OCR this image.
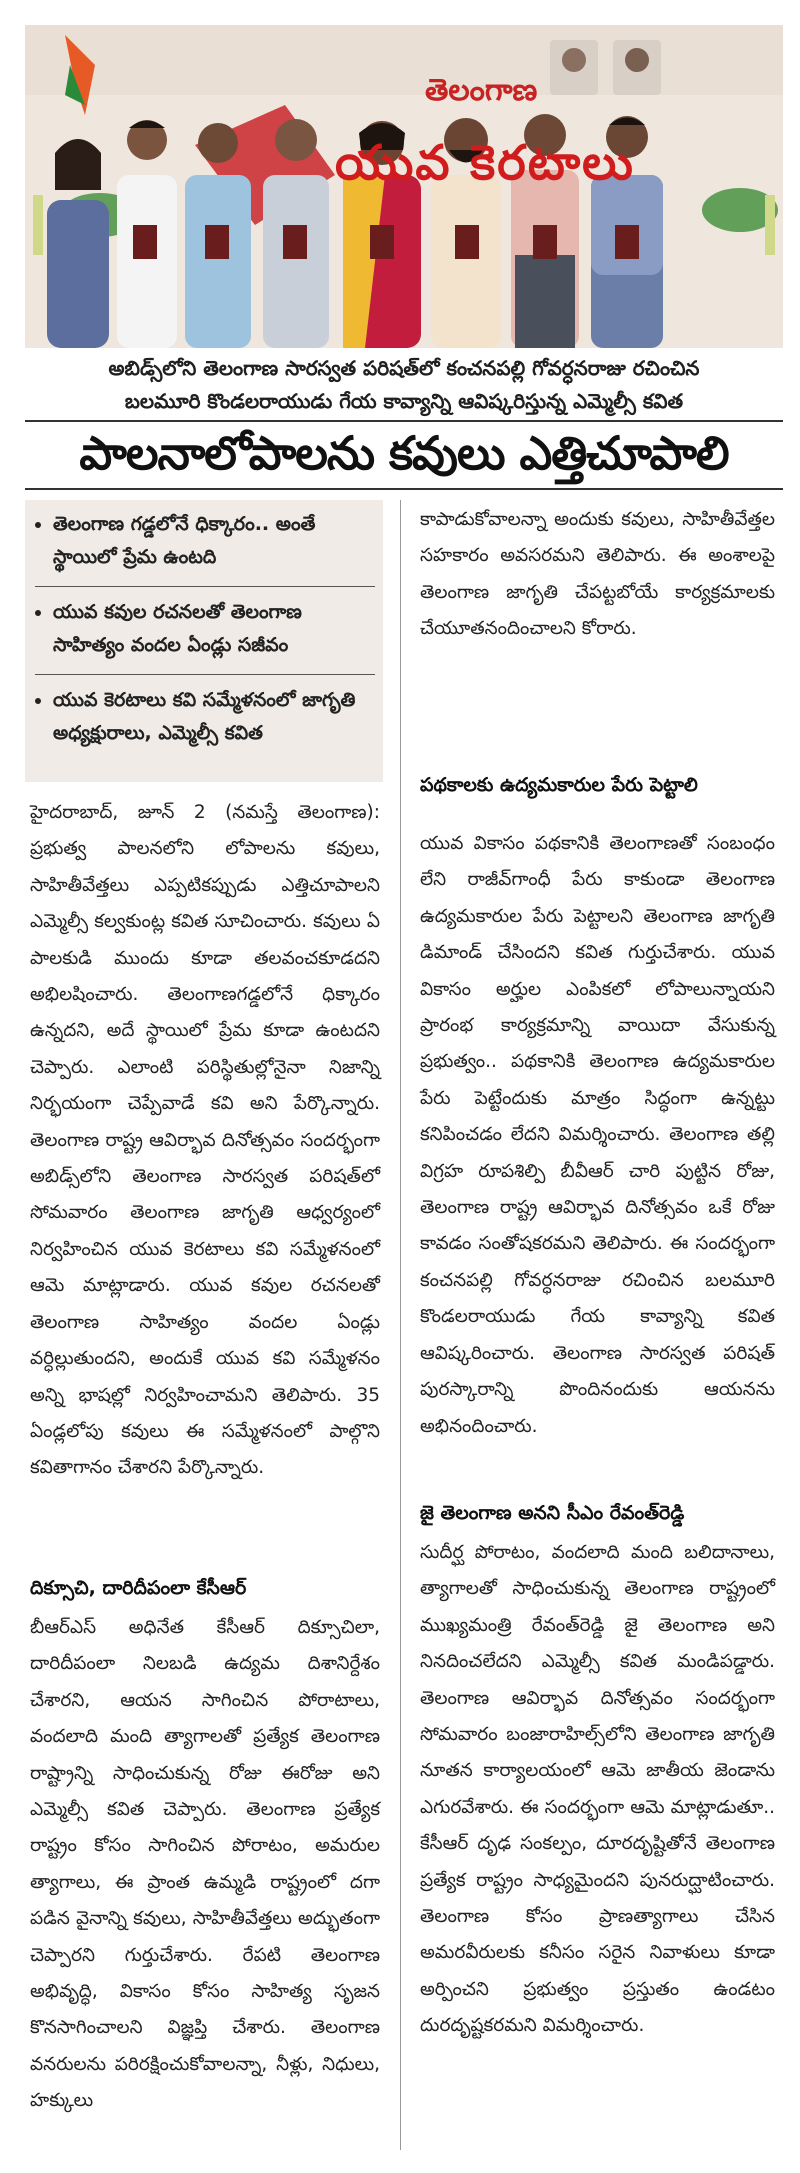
తెలంగాణ
యువ కెరటాలు
అబిడ్స్‌లోని తెలంగాణ సారస్వత పరిషత్‌లో కంచనపల్లి గోవర్ధనరాజు రచించిన
బలమూరి కొండలరాయుడు గేయ కావ్యాన్ని ఆవిష్కరిస్తున్న ఎమ్మెల్సీ కవిత
పాలనాలోపాలను కవులు ఎత్తిచూపాలి
తెలంగాణ గడ్డలోనే ధిక్కారం.. అంతే స్థాయిలో ప్రేమ ఉంటది
యువ కవుల రచనలతో తెలంగాణ సాహిత్యం వందల ఏండ్లు సజీవం
యువ కెరటాలు కవి సమ్మేళనంలో జాగృతి అధ్యక్షురాలు, ఎమ్మెల్సీ కవిత
హైదరాబాద్, జూన్ 2 (నమస్తే తెలంగాణ): ప్రభుత్వ పాలనలోని లోపాలను కవులు, సాహితీవేత్తలు ఎప్పటికప్పుడు ఎత్తిచూపాలని ఎమ్మెల్సీ కల్వకుంట్ల కవిత సూచించారు. కవులు ఏ పాలకుడి ముందు కూడా తలవంచకూడదని అభిలషించారు. తెలంగాణగడ్డలోనే ధిక్కారం ఉన్నదని, అదే స్థాయిలో ప్రేమ కూడా ఉంటదని చెప్పారు. ఎలాంటి పరిస్థితుల్లోనైనా నిజాన్ని నిర్భయంగా చెప్పేవాడే కవి అని పేర్కొన్నారు. తెలంగాణ రాష్ట్ర ఆవిర్భావ దినోత్సవం సందర్భంగా అబిడ్స్‌లోని తెలంగాణ సారస్వత పరిషత్‌లో సోమవారం తెలంగాణ జాగృతి ఆధ్వర్యంలో నిర్వహించిన యువ కెరటాలు కవి సమ్మేళనంలో ఆమె మాట్లాడారు. యువ కవుల రచనలతో తెలంగాణ సాహిత్యం వందల ఏండ్లు వర్ధిల్లుతుందని, అందుకే యువ కవి సమ్మేళనం అన్ని భాషల్లో నిర్వహించామని తెలిపారు. 35 ఏండ్లలోపు కవులు ఈ సమ్మేళనంలో పాల్గొని కవితాగానం చేశారని పేర్కొన్నారు.
దిక్సూచి, దారిదీపంలా కేసీఆర్
బీఆర్‌ఎస్ అధినేత కేసీఆర్ దిక్సూచిలా, దారిదీపంలా నిలబడి ఉద్యమ దిశానిర్దేశం చేశారని, ఆయన సాగించిన పోరాటాలు, వందలాది మంది త్యాగాలతో ప్రత్యేక తెలంగాణ రాష్ట్రాన్ని సాధించుకున్న రోజు ఈరోజు అని ఎమ్మెల్సీ కవిత చెప్పారు. తెలంగాణ ప్రత్యేక రాష్ట్రం కోసం సాగించిన పోరాటం, అమరుల త్యాగాలు, ఈ ప్రాంత ఉమ్మడి రాష్ట్రంలో దగా పడిన వైనాన్ని కవులు, సాహితీవేత్తలు అద్భుతంగా చెప్పారని గుర్తుచేశారు. రేపటి తెలంగాణ అభివృద్ధి, వికాసం కోసం సాహిత్య సృజన కొనసాగించాలని విజ్ఞప్తి చేశారు. తెలంగాణ వనరులను పరిరక్షించుకోవాలన్నా, నీళ్లు, నిధులు, హక్కులు
కాపాడుకోవాలన్నా అందుకు కవులు, సాహితీవేత్తల సహకారం అవసరమని తెలిపారు. ఈ అంశాలపై తెలంగాణ జాగృతి చేపట్టబోయే కార్యక్రమాలకు చేయూతనందించాలని కోరారు.
పథకాలకు ఉద్యమకారుల పేరు పెట్టాలి
యువ వికాసం పథకానికి తెలంగాణతో సంబంధం లేని రాజీవ్‌గాంధీ పేరు కాకుండా తెలంగాణ ఉద్యమకారుల పేరు పెట్టాలని తెలంగాణ జాగృతి డిమాండ్ చేసిందని కవిత గుర్తుచేశారు. యువ వికాసం అర్హుల ఎంపికలో లోపాలున్నాయని ప్రారంభ కార్యక్రమాన్ని వాయిదా వేసుకున్న ప్రభుత్వం.. పథకానికి తెలంగాణ ఉద్యమకారుల పేరు పెట్టేందుకు మాత్రం సిద్ధంగా ఉన్నట్టు కనిపించడం లేదని విమర్శించారు. తెలంగాణ తల్లి విగ్రహ రూపశిల్పి బీవీఆర్ చారి పుట్టిన రోజు, తెలంగాణ రాష్ట్ర ఆవిర్భావ దినోత్సవం ఒకే రోజు కావడం సంతోషకరమని తెలిపారు. ఈ సందర్భంగా కంచనపల్లి గోవర్ధనరాజు రచించిన బలమూరి కొండలరాయుడు గేయ కావ్యాన్ని కవిత ఆవిష్కరించారు. తెలంగాణ సారస్వత పరిషత్ పురస్కారాన్ని పొందినందుకు ఆయనను అభినందించారు.
జై తెలంగాణ అనని సీఎం రేవంత్‌రెడ్డి
సుదీర్ఘ పోరాటం, వందలాది మంది బలిదానాలు, త్యాగాలతో సాధించుకున్న తెలంగాణ రాష్ట్రంలో ముఖ్యమంత్రి రేవంత్‌రెడ్డి జై తెలంగాణ అని నినదించలేదని ఎమ్మెల్సీ కవిత మండిపడ్డారు. తెలంగాణ ఆవిర్భావ దినోత్సవం సందర్భంగా సోమవారం బంజారాహిల్స్‌లోని తెలంగాణ జాగృతి నూతన కార్యాలయంలో ఆమె జాతీయ జెండాను ఎగురవేశారు. ఈ సందర్భంగా ఆమె మాట్లాడుతూ.. కేసీఆర్ దృఢ సంకల్పం, దూరదృష్టితోనే తెలంగాణ ప్రత్యేక రాష్ట్రం సాధ్యమైందని పునరుద్ఘాటించారు. తెలంగాణ కోసం ప్రాణత్యాగాలు చేసిన అమరవీరులకు కనీసం సరైన నివాళులు కూడా అర్పించని ప్రభుత్వం ప్రస్తుతం ఉండటం దురదృష్టకరమని విమర్శించారు.
